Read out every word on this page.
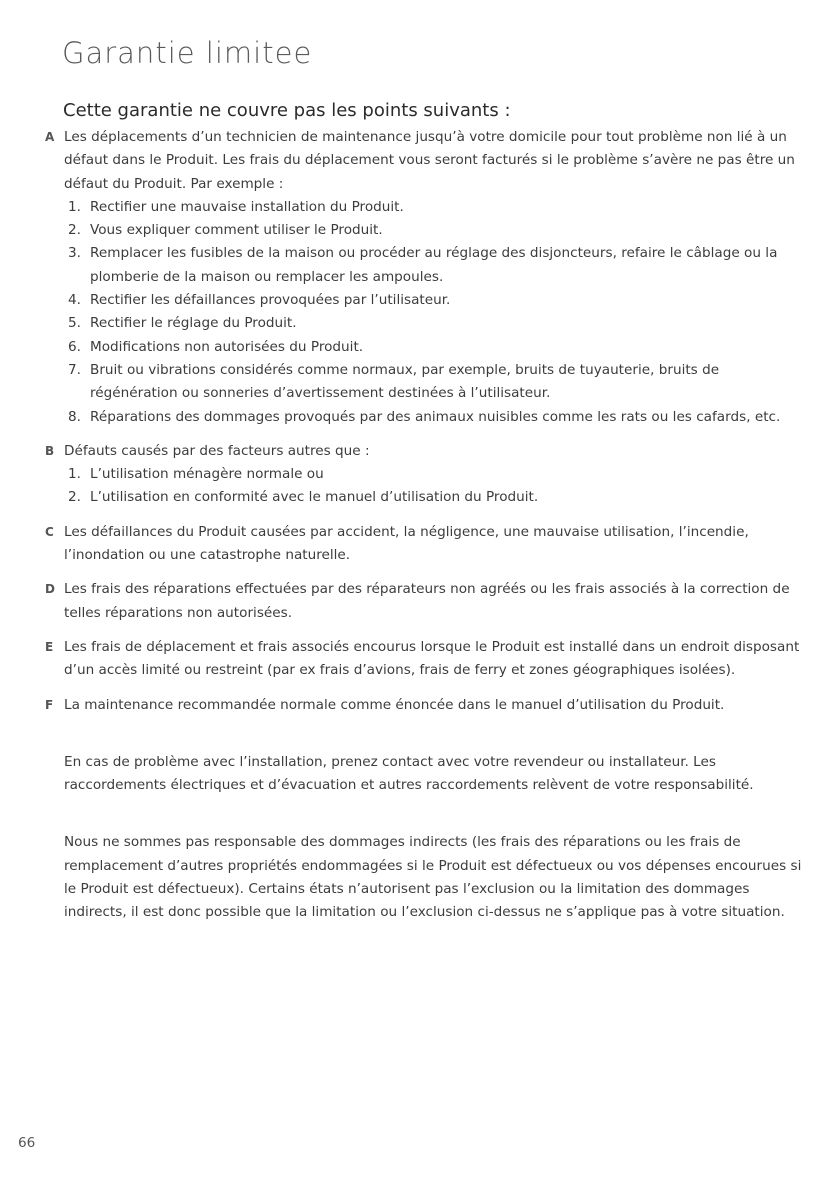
Garantie limitee
Cette garantie ne couvre pas les points suivants :
A Les déplacements d’un technicien de maintenance jusqu’à votre domicile pour tout problème non lié à un défaut dans le Produit. Les frais du déplacement vous seront facturés si le problème s’avère ne pas être un défaut du Produit. Par exemple :
1. Rectifier une mauvaise installation du Produit.
2. Vous expliquer comment utiliser le Produit.
3. Remplacer les fusibles de la maison ou procéder au réglage des disjoncteurs, refaire le câblage ou la plomberie de la maison ou remplacer les ampoules.
4. Rectifier les défaillances provoquées par l’utilisateur.
5. Rectifier le réglage du Produit.
6. Modifications non autorisées du Produit.
7. Bruit ou vibrations considérés comme normaux, par exemple, bruits de tuyauterie, bruits de régénération ou sonneries d’avertissement destinées à l’utilisateur.
8. Réparations des dommages provoqués par des animaux nuisibles comme les rats ou les cafards, etc.
B Défauts causés par des facteurs autres que :
1. L’utilisation ménagère normale ou
2. L’utilisation en conformité avec le manuel d’utilisation du Produit.
C Les défaillances du Produit causées par accident, la négligence, une mauvaise utilisation, l’incendie, l’inondation ou une catastrophe naturelle.
D Les frais des réparations effectuées par des réparateurs non agréés ou les frais associés à la correction de telles réparations non autorisées.
E Les frais de déplacement et frais associés encourus lorsque le Produit est installé dans un endroit disposant d’un accès limité ou restreint (par ex frais d’avions, frais de ferry et zones géographiques isolées).
F La maintenance recommandée normale comme énoncée dans le manuel d’utilisation du Produit.
En cas de problème avec l’installation, prenez contact avec votre revendeur ou installateur. Les raccordements électriques et d’évacuation et autres raccordements relèvent de votre responsabilité.
Nous ne sommes pas responsable des dommages indirects (les frais des réparations ou les frais de remplacement d’autres propriétés endommagées si le Produit est défectueux ou vos dépenses encourues si le Produit est défectueux). Certains états n’autorisent pas l’exclusion ou la limitation des dommages indirects, il est donc possible que la limitation ou l’exclusion ci-dessus ne s’applique pas à votre situation.
66
